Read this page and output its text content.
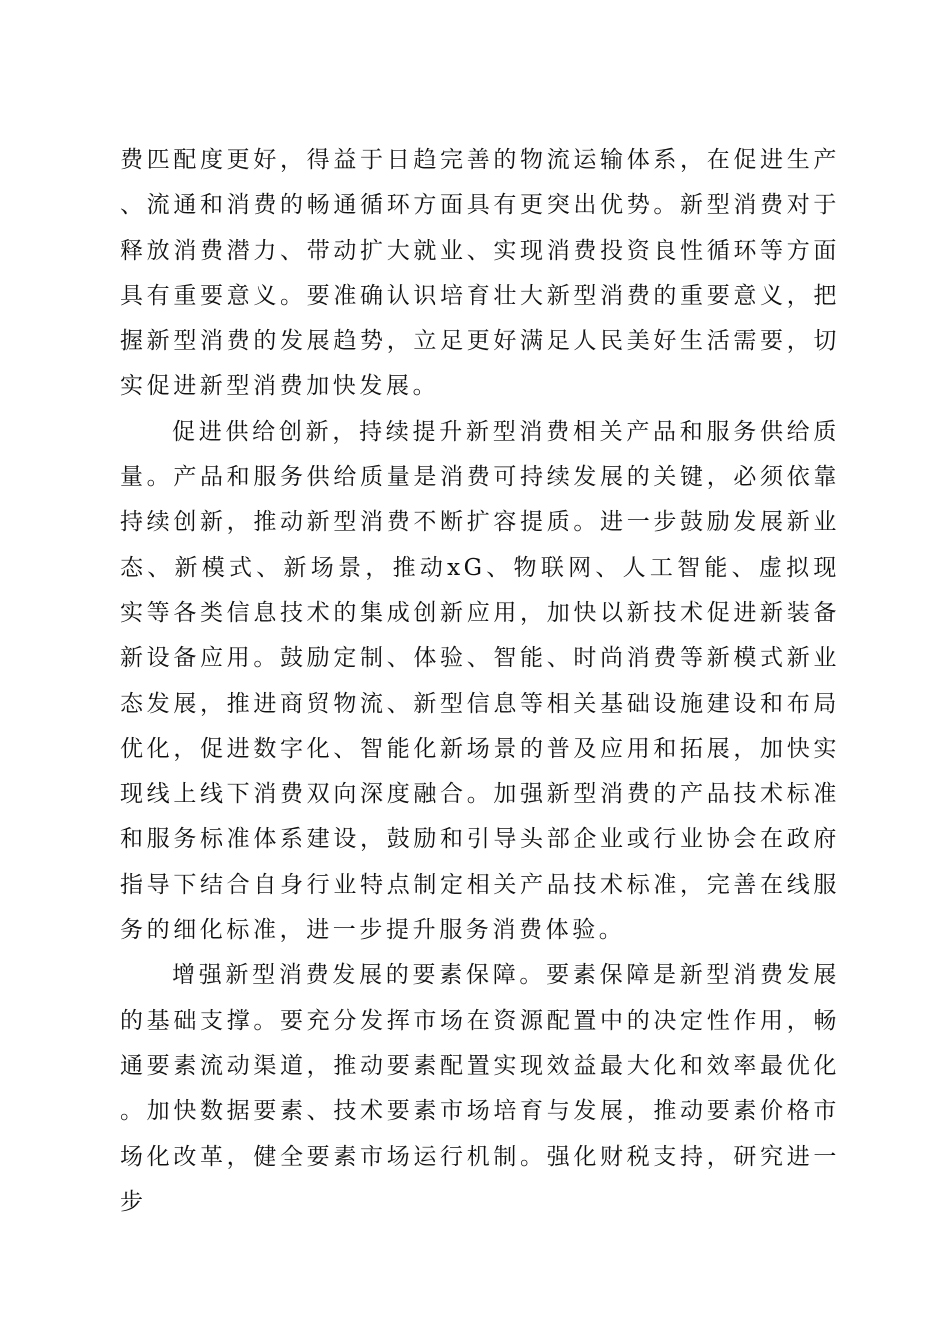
费匹配度更好，得益于日趋完善的物流运输体系，在促进生产、流通和消费的畅通循环方面具有更突出优势。新型消费对于释放消费潜力、带动扩大就业、实现消费投资良性循环等方面具有重要意义。要准确认识培育壮大新型消费的重要意义，把握新型消费的发展趋势，立足更好满足人民美好生活需要，切实促进新型消费加快发展。

促进供给创新，持续提升新型消费相关产品和服务供给质量。产品和服务供给质量是消费可持续发展的关键，必须依靠持续创新，推动新型消费不断扩容提质。进一步鼓励发展新业态、新模式、新场景，推动xG、物联网、人工智能、虚拟现实等各类信息技术的集成创新应用，加快以新技术促进新装备新设备应用。鼓励定制、体验、智能、时尚消费等新模式新业态发展，推进商贸物流、新型信息等相关基础设施建设和布局优化，促进数字化、智能化新场景的普及应用和拓展，加快实现线上线下消费双向深度融合。加强新型消费的产品技术标准和服务标准体系建设，鼓励和引导头部企业或行业协会在政府指导下结合自身行业特点制定相关产品技术标准，完善在线服务的细化标准，进一步提升服务消费体验。

增强新型消费发展的要素保障。要素保障是新型消费发展的基础支撑。要充分发挥市场在资源配置中的决定性作用，畅通要素流动渠道，推动要素配置实现效益最大化和效率最优化。加快数据要素、技术要素市场培育与发展，推动要素价格市场化改革，健全要素市场运行机制。强化财税支持，研究进一步
